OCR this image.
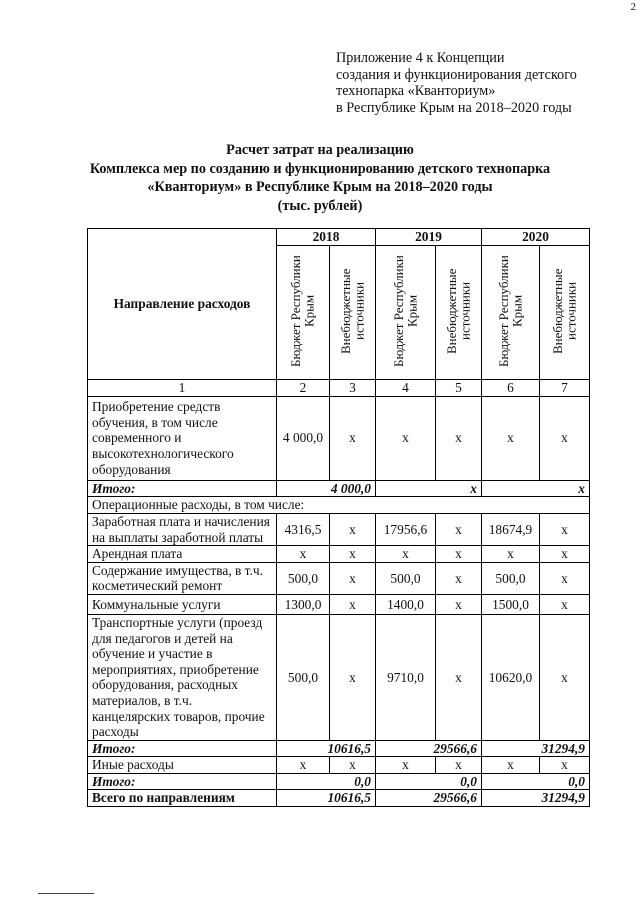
2
Приложение 4 к Концепции
создания и функционирования детского
технопарка «Кванториум»
в Республике Крым на 2018–2020 годы
Расчет затрат на реализацию
Комплекса мер по созданию и функционированию детского технопарка
«Кванториум» в Республике Крым на 2018–2020 годы
(тыс. рублей)
Направление расходов	2018		2019		2020	
	Бюджет Республики Крым	Внебюджетные источники	Бюджет Республики Крым	Внебюджетные источники	Бюджет Республики Крым	Внебюджетные источники
1	2	3	4	5	6	7
Приобретение средств обучения, в том числе современного и высокотехнологического оборудования	4 000,0	х	х	х	х	х
Итого:	4 000,0		х		х	
Операционные расходы, в том числе:						
Заработная плата и начисления на выплаты заработной платы	4316,5	х	17956,6	х	18674,9	х
Арендная плата	х	х	х	х	х	х
Содержание имущества, в т.ч. косметический ремонт	500,0	х	500,0	х	500,0	х
Коммунальные услуги	1300,0	х	1400,0	х	1500,0	х
Транспортные услуги (проезд для педагогов и детей на обучение и участие в мероприятиях, приобретение оборудования, расходных материалов, в т.ч. канцелярских товаров, прочие расходы	500,0	х	9710,0	х	10620,0	х
Итого:	10616,5		29566,6		31294,9	
Иные расходы	х	х	х	х	х	х
Итого:	0,0		0,0		0,0	
Всего по направлениям	10616,5		29566,6		31294,9	
